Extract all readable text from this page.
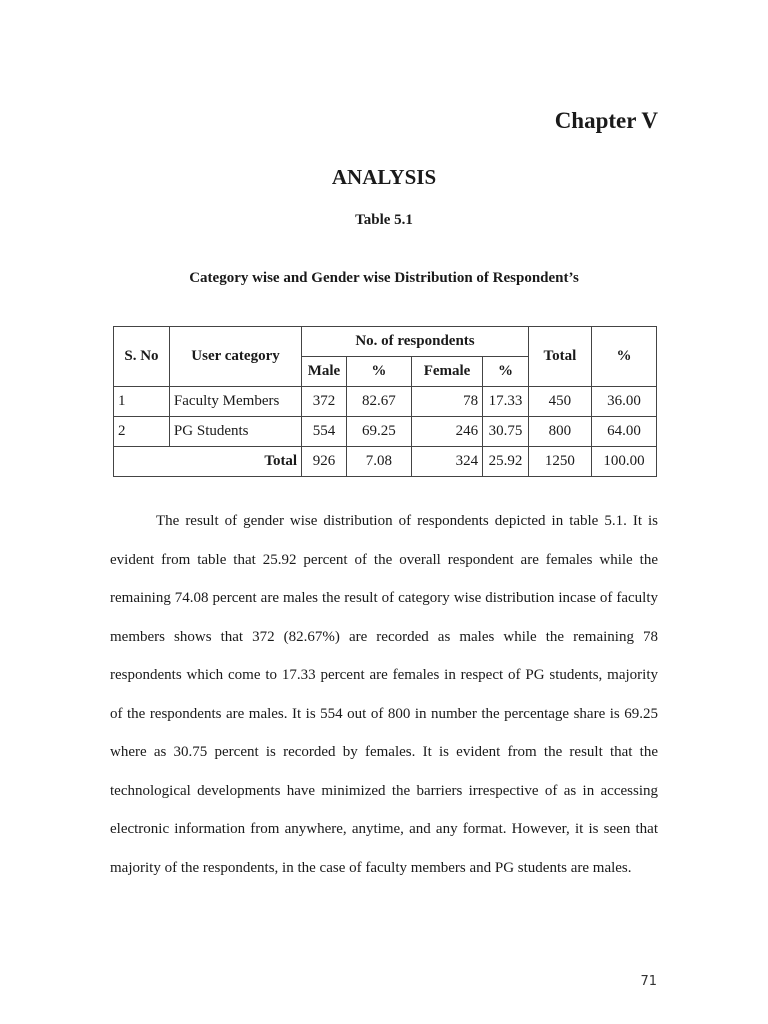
Chapter V
ANALYSIS
Table 5.1
Category wise and Gender wise Distribution of Respondent’s
S. No	User category	No. of respondents				Total	%
		Male	%	Female	%		
1	Faculty Members	372	82.67	78	17.33	450	36.00
2	PG Students	554	69.25	246	30.75	800	64.00
Total		926	7.08	324	25.92	1250	100.00

The result of gender wise distribution of respondents depicted in table 5.1. It is evident from table that 25.92 percent of the overall respondent are females while the remaining 74.08 percent are males the result of category wise distribution incase of faculty members shows that 372 (82.67%) are recorded as males while the remaining 78 respondents which come to 17.33 percent are females in respect of PG students, majority of the respondents are males. It is 554 out of 800 in number the percentage share is 69.25 where as 30.75 percent is recorded by females. It is evident from the result that the technological developments have minimized the barriers irrespective of as in accessing electronic information from anywhere, anytime, and any format. However, it is seen that majority of the respondents, in the case of faculty members and PG students are males.

71
